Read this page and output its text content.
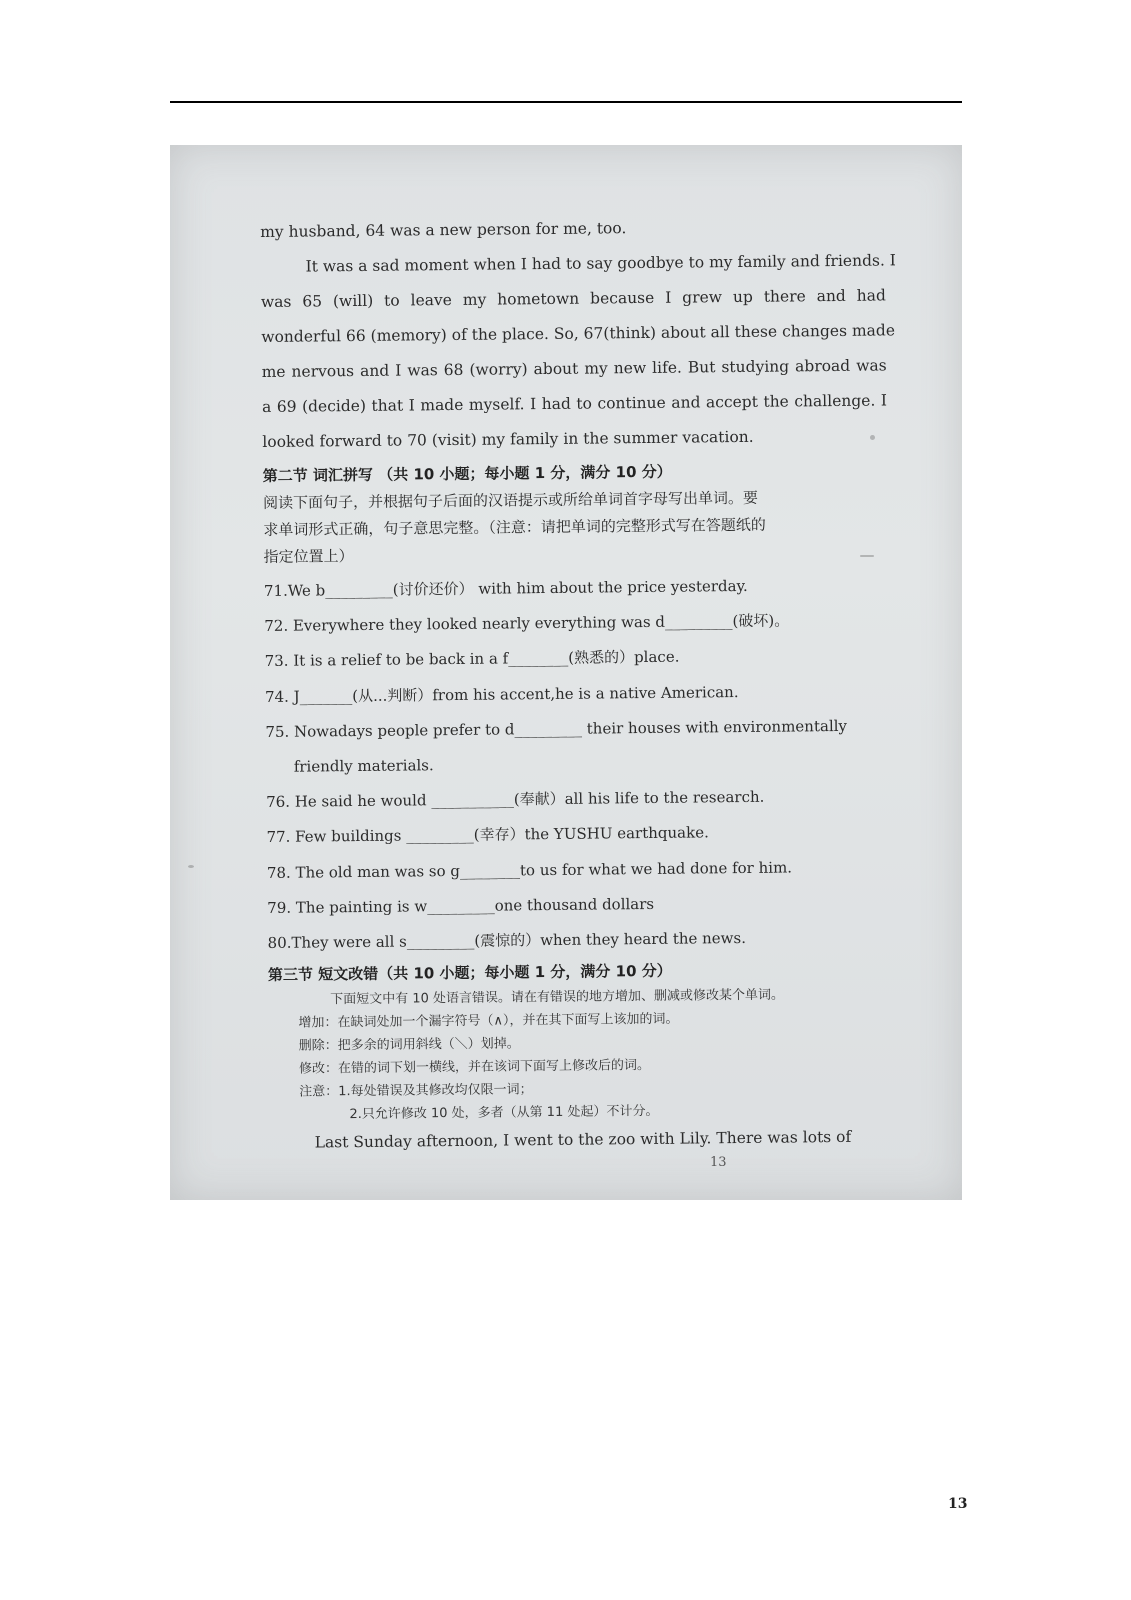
my husband, 64 was a new person for me, too.
It was a sad moment when I had to say goodbye to my family and friends. I
was 65 (will) to leave my hometown because I grew up there and had
wonderful 66 (memory) of the place. So, 67(think) about all these changes made
me nervous and I was 68 (worry) about my new life. But studying abroad was
a 69 (decide) that I made myself. I had to continue and accept the challenge. I
looked forward to 70 (visit) my family in the summer vacation.
第二节 词汇拼写 （共 10 小题；每小题 1 分，满分 10 分）
阅读下面句子，并根据句子后面的汉语提示或所给单词首字母写出单词。要
求单词形式正确，句子意思完整。（注意：请把单词的完整形式写在答题纸的
指定位置上）
71.We b_________(讨价还价） with him about the price yesterday.
72. Everywhere they looked nearly everything was d_________(破坏)。
73. It is a relief to be back in a f________(熟悉的）place.
74. J_______(从...判断）from his accent,he is a native American.
75. Nowadays people prefer to d_________ their houses with environmentally
friendly materials.
76. He said he would ___________(奉献）all his life to the research.
77. Few buildings _________(幸存）the YUSHU earthquake.
78. The old man was so g________to us for what we had done for him.
79. The painting is w_________one thousand dollars
80.They were all s_________(震惊的）when they heard the news.
第三节 短文改错（共 10 小题；每小题 1 分，满分 10 分）
下面短文中有 10 处语言错误。请在有错误的地方增加、删减或修改某个单词。
增加：在缺词处加一个漏字符号（∧），并在其下面写上该加的词。
删除：把多余的词用斜线（＼）划掉。
修改：在错的词下划一横线，并在该词下面写上修改后的词。
注意：1.每处错误及其修改均仅限一词；
2.只允许修改 10 处，多者（从第 11 处起）不计分。
Last Sunday afternoon, I went to the zoo with Lily. There was lots of
13
13
